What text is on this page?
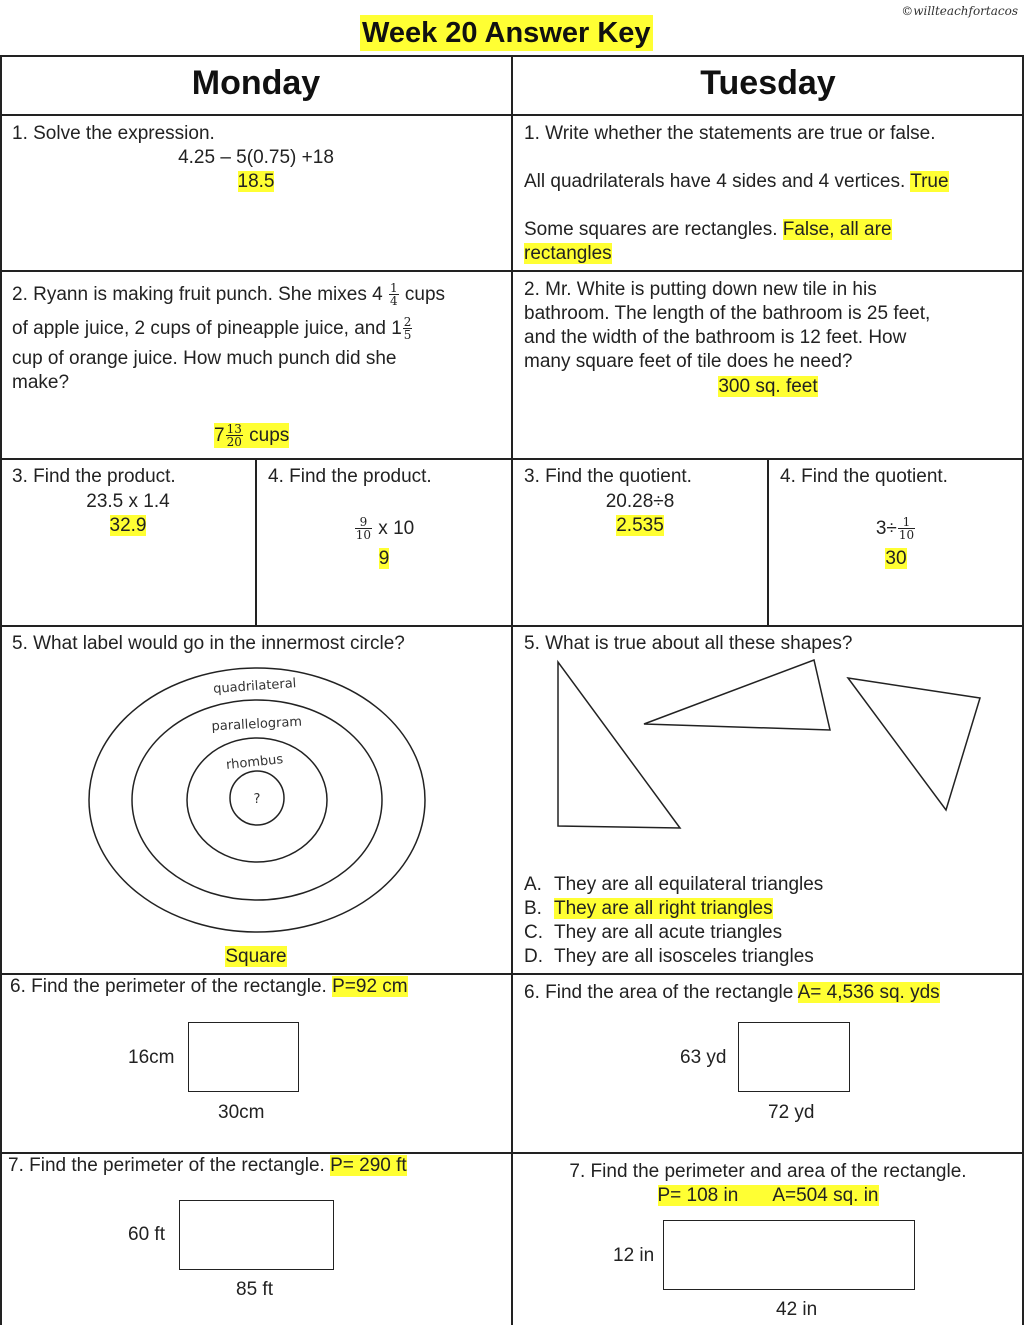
Week 20 Answer Key
©willteachfortacos
Monday	Tuesday
1. Solve the expression.
4.25 – 5(0.75) +18
18.5
2. Ryann is making fruit punch. She mixes $4 \frac{1}{4}$ cups
of apple juice, 2 cups of pineapple juice, and $1 \frac{2}{5}$
cup of orange juice. How much punch did she
make?
$7 \frac{13}{20}$ cups
3. Find the product.
23.5 x 1.4
32.9
4. Find the product.
$\frac{9}{10}$ x 10
9
5. What label would go in the innermost circle?
quadrilateral
parallelogram
rhombus
?
Square
6. Find the perimeter of the rectangle. P=92 cm
16cm
30cm
7. Find the perimeter of the rectangle. P= 290 ft
60 ft
85 ft
1. Write whether the statements are true or false.
All quadrilaterals have 4 sides and 4 vertices. True
Some squares are rectangles. False, all are
rectangles
2. Mr. White is putting down new tile in his
bathroom. The length of the bathroom is 25 feet,
and the width of the bathroom is 12 feet. How
many square feet of tile does he need?
300 sq. feet
3. Find the quotient.
20.28÷8
2.535
4. Find the quotient.
$3\div \frac{1}{10}$
30
5. What is true about all these shapes?
A. They are all equilateral triangles
B. They are all right triangles
C. They are all acute triangles
D. They are all isosceles triangles
6. Find the area of the rectangle A= 4,536 sq. yds
63 yd
72 yd
7. Find the perimeter and area of the rectangle.
P= 108 in A=504 sq. in
12 in
42 in
